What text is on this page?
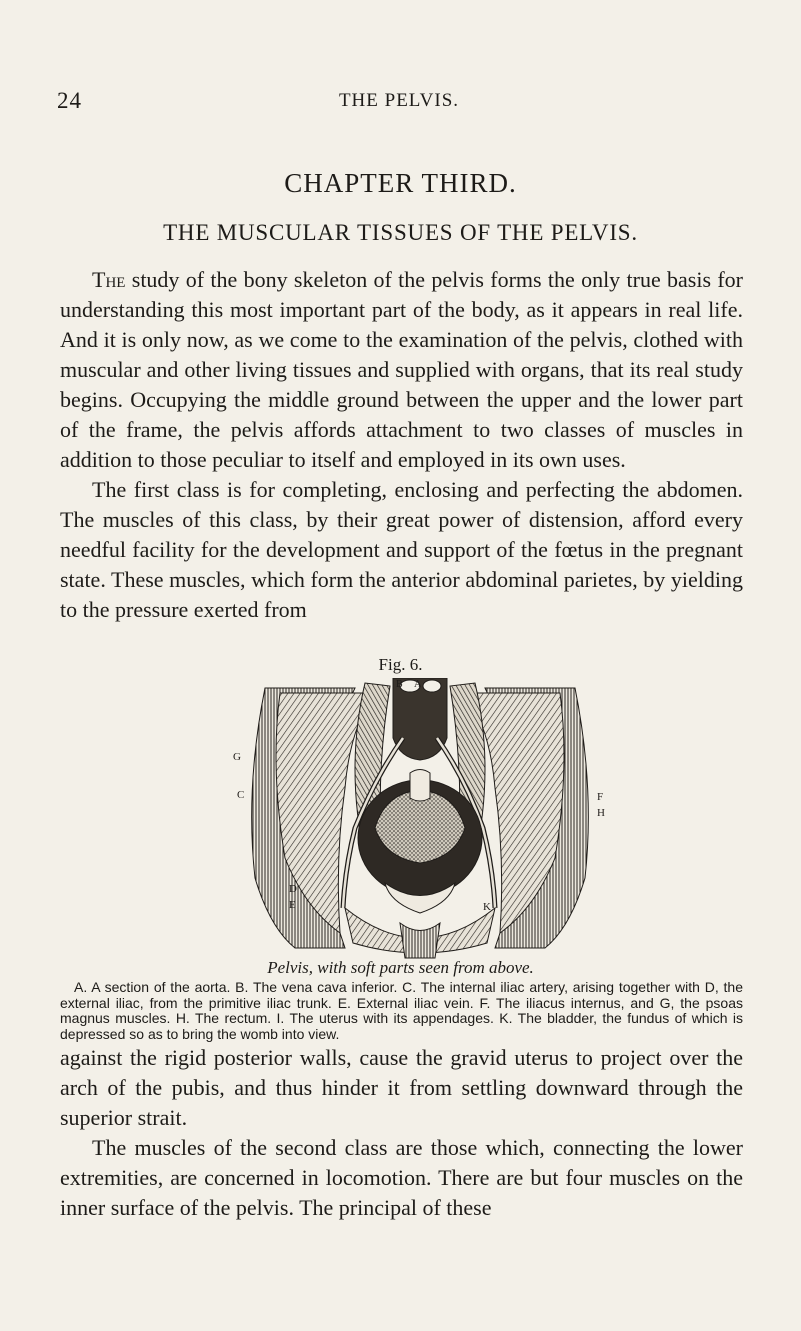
24	THE PELVIS.
CHAPTER THIRD.
THE MUSCULAR TISSUES OF THE PELVIS.

The study of the bony skeleton of the pelvis forms the only true basis for understanding this most important part of the body, as it appears in real life. And it is only now, as we come to the examination of the pelvis, clothed with muscular and other living tissues and supplied with organs, that its real study begins. Occupying the middle ground between the upper and the lower part of the frame, the pelvis affords attachment to two classes of muscles in addition to those peculiar to itself and employed in its own uses.

The first class is for completing, enclosing and perfecting the abdomen. The muscles of this class, by their great power of distension, afford every needful facility for the development and support of the fœtus in the pregnant state. These muscles, which form the anterior abdominal parietes, by yielding to the pressure exerted from

Fig. 6.
B A
G
C	F
H
D
E	K
Pelvis, with soft parts seen from above.

A. A section of the aorta. B. The vena cava inferior. C. The internal iliac artery, arising together with D, the external iliac, from the primitive iliac trunk. E. External iliac vein. F. The iliacus internus, and G, the psoas magnus muscles. H. The rectum. I. The uterus with its appendages. K. The bladder, the fundus of which is depressed so as to bring the womb into view.

against the rigid posterior walls, cause the gravid uterus to project over the arch of the pubis, and thus hinder it from settling downward through the superior strait.

The muscles of the second class are those which, connecting the lower extremities, are concerned in locomotion. There are but four muscles on the inner surface of the pelvis. The principal of these
